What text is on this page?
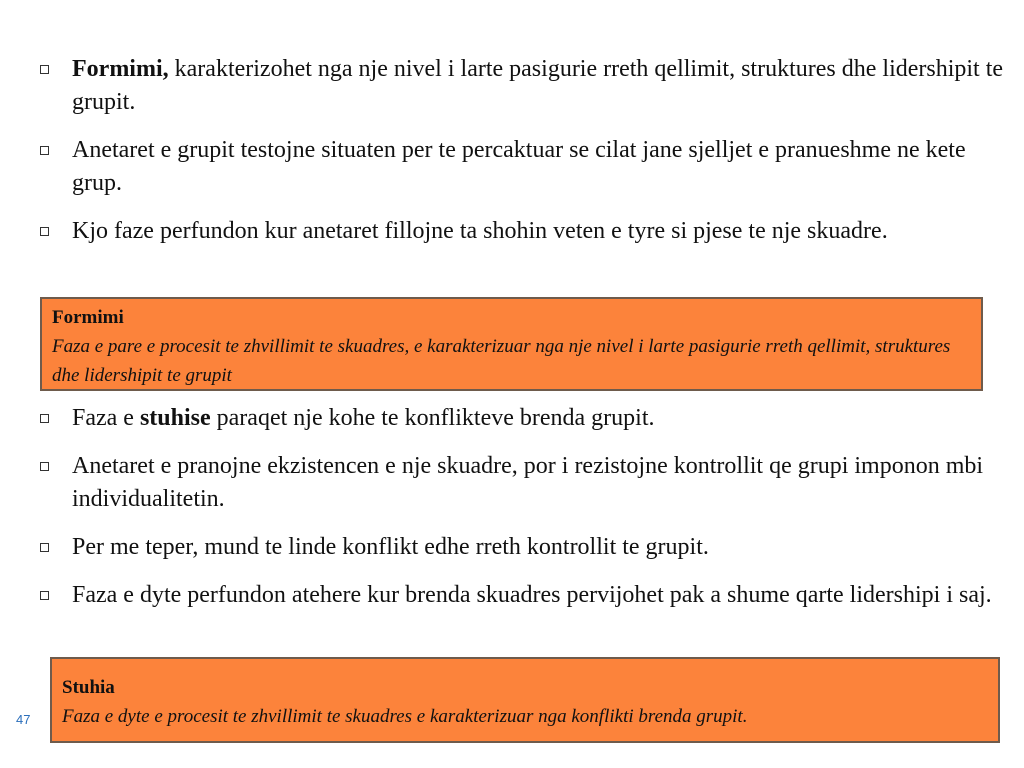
Formimi, karakterizohet nga nje nivel i larte pasigurie rreth qellimit, struktures dhe lidershipit te grupit.
Anetaret e grupit testojne situaten per te percaktuar se cilat jane sjelljet e pranueshme ne kete grup.
Kjo faze perfundon kur anetaret fillojne ta shohin veten e tyre si pjese te nje skuadre.
Formimi
Faza e pare e procesit te zhvillimit te skuadres, e karakterizuar nga nje nivel i larte pasigurie rreth qellimit, struktures dhe lidershipit te grupit
Faza e stuhise paraqet nje kohe te konflikteve brenda grupit.
Anetaret e pranojne ekzistencen e nje skuadre, por i rezistojne kontrollit qe grupi imponon mbi individualitetin.
Per me teper, mund te linde konflikt edhe rreth kontrollit te grupit.
Faza e dyte perfundon atehere kur brenda skuadres pervijohet pak a shume qarte lidershipi i saj.
Stuhia
Faza e dyte e procesit te zhvillimit te skuadres e karakterizuar nga konflikti brenda grupit.
47
